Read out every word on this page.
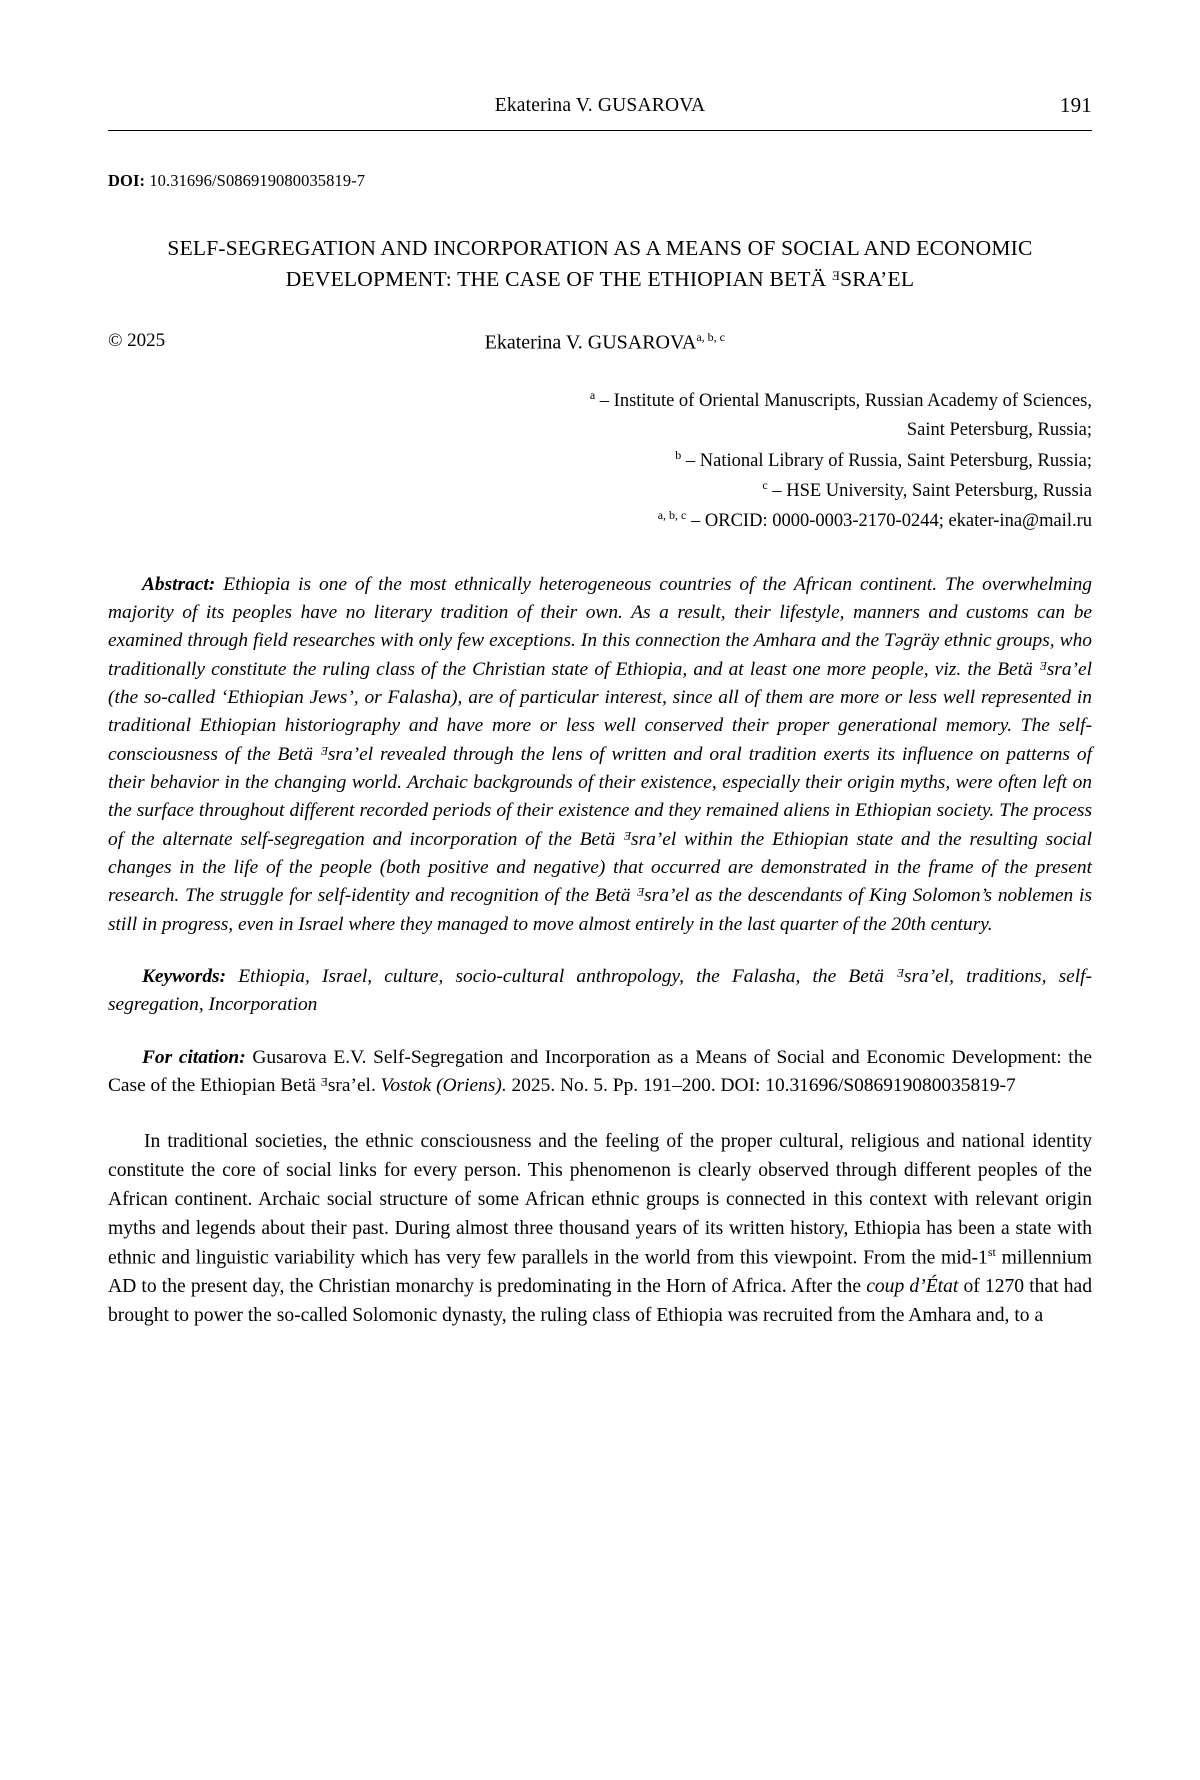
Ekaterina V. GUSAROVA	191
DOI: 10.31696/S086919080035819-7
SELF-SEGREGATION AND INCORPORATION AS A MEANS OF SOCIAL AND ECONOMIC DEVELOPMENT: THE CASE OF THE ETHIOPIAN BETÄ ᴲSRA’EL
© 2025	Ekaterina V. GUSAROVA$^{a, b, c}$
$^a$ – Institute of Oriental Manuscripts, Russian Academy of Sciences,
Saint Petersburg, Russia;
$^b$ – National Library of Russia, Saint Petersburg, Russia;
$^c$ – HSE University, Saint Petersburg, Russia
$^{a, b, c}$ – ORCID: 0000-0003-2170-0244; ekater-ina@mail.ru
Abstract: Ethiopia is one of the most ethnically heterogeneous countries of the African continent. The overwhelming majority of its peoples have no literary tradition of their own. As a result, their lifestyle, manners and customs can be examined through field researches with only few exceptions. In this connection the Amhara and the Təgräy ethnic groups, who traditionally constitute the ruling class of the Christian state of Ethiopia, and at least one more people, viz. the Betä ᴲsra’el (the so-called ‘Ethiopian Jews’, or Falasha), are of particular interest, since all of them are more or less well represented in traditional Ethiopian historiography and have more or less well conserved their proper generational memory. The self-consciousness of the Betä ᴲsra’el revealed through the lens of written and oral tradition exerts its influence on patterns of their behavior in the changing world. Archaic backgrounds of their existence, especially their origin myths, were often left on the surface throughout different recorded periods of their existence and they remained aliens in Ethiopian society. The process of the alternate self-segregation and incorporation of the Betä ᴲsra’el within the Ethiopian state and the resulting social changes in the life of the people (both positive and negative) that occurred are demonstrated in the frame of the present research. The struggle for self-identity and recognition of the Betä ᴲsra’el as the descendants of King Solomon’s noblemen is still in progress, even in Israel where they managed to move almost entirely in the last quarter of the 20th century.
Keywords: Ethiopia, Israel, culture, socio-cultural anthropology, the Falasha, the Betä ᴲsra’el, traditions, self-segregation, Incorporation
For citation: Gusarova E.V. Self-Segregation and Incorporation as a Means of Social and Economic Development: the Case of the Ethiopian Betä ᴲsra’el. Vostok (Oriens). 2025. No. 5. Pp. 191–200. DOI: 10.31696/S086919080035819-7
In traditional societies, the ethnic consciousness and the feeling of the proper cultural, religious and national identity constitute the core of social links for every person. This phenomenon is clearly observed through different peoples of the African continent. Archaic social structure of some African ethnic groups is connected in this context with relevant origin myths and legends about their past. During almost three thousand years of its written history, Ethiopia has been a state with ethnic and linguistic variability which has very few parallels in the world from this viewpoint. From the mid-1st millennium AD to the present day, the Christian monarchy is predominating in the Horn of Africa. After the coup d’État of 1270 that had brought to power the so-called Solomonic dynasty, the ruling class of Ethiopia was recruited from the Amhara and, to a
